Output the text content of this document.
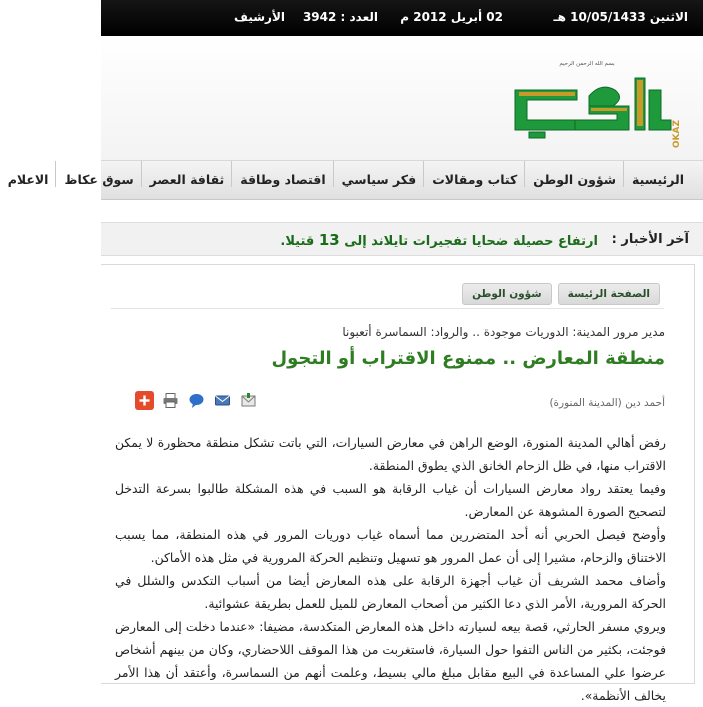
الاثنين 10/05/1433 هـ
02 أبريل 2012 م
العدد : 3942
الأرشيف
بسم الله الرحمن الرحيم
OKAZ
عكاظ
الرئيسية
شؤون الوطن
كتاب ومقالات
فكر سياسي
اقتصاد وطاقة
ثقافة العصر
سوق عكاظ
الاعلام
آخر الأخبار :
ارتفاع حصيلة ضحايا تفجيرات تايلاند إلى 13 قتيلا.
الصفحة الرئيسة
شؤون الوطن
مدير مرور المدينة: الدوريات موجودة .. والرواد: السماسرة أتعبونا
منطقة المعارض .. ممنوع الاقتراب أو التجول
أحمد دين (المدينة المنورة)

رفض أهالي المدينة المنورة، الوضع الراهن في معارض السيارات، التي باتت تشكل منطقة محظورة لا يمكن الاقتراب منها، في ظل الزحام الخانق الذي يطوق المنطقة.

وفيما يعتقد رواد معارض السيارات أن غياب الرقابة هو السبب في هذه المشكلة طالبوا بسرعة التدخل لتصحيح الصورة المشوهة عن المعارض.

وأوضح فيصل الحربي أنه أحد المتضررين مما أسماه غياب دوريات المرور في هذه المنطقة، مما يسبب الاختناق والزحام، مشيرا إلى أن عمل المرور هو تسهيل وتنظيم الحركة المرورية في مثل هذه الأماكن.

وأضاف محمد الشريف أن غياب أجهزة الرقابة على هذه المعارض أيضا من أسباب التكدس والشلل في الحركة المرورية، الأمر الذي دعا الكثير من أصحاب المعارض للميل للعمل بطريقة عشوائية.

ويروي مسفر الحارثي، قصة بيعه لسيارته داخل هذه المعارض المتكدسة، مضيفا: «عندما دخلت إلى المعارض فوجئت، بكثير من الناس التفوا حول السيارة، فاستغربت من هذا الموقف اللاحضاري، وكان من بينهم أشخاص عرضوا علي المساعدة في البيع مقابل مبلغ مالي بسيط، وعلمت أنهم من السماسرة، وأعتقد أن هذا الأمر يخالف الأنظمة».
